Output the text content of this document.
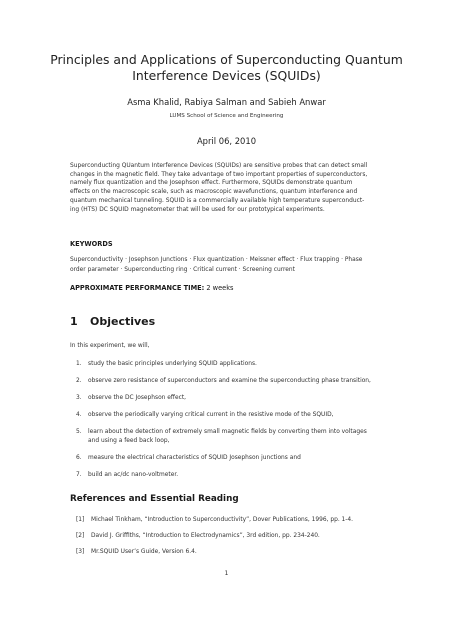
Principles and Applications of Superconducting Quantum
Interference Devices (SQUIDs)
Asma Khalid, Rabiya Salman and Sabieh Anwar
LUMS School of Science and Engineering
April 06, 2010
Superconducting QUantum Interference Devices (SQUIDs) are sensitive probes that can detect small
changes in the magnetic field. They take advantage of two important properties of superconductors,
namely flux quantization and the Josephson effect. Furthermore, SQUIDs demonstrate quantum
effects on the macroscopic scale, such as macroscopic wavefunctions, quantum interference and
quantum mechanical tunneling. SQUID is a commercially available high temperature superconduct-
ing (HTS) DC SQUID magnetometer that will be used for our prototypical experiments.
KEYWORDS
Superconductivity · Josephson Junctions · Flux quantization · Meissner effect · Flux trapping · Phase
order parameter · Superconducting ring · Critical current · Screening current
APPROXIMATE PERFORMANCE TIME: 2 weeks
1 Objectives
In this experiment, we will,
1. study the basic principles underlying SQUID applications.
2. observe zero resistance of superconductors and examine the superconducting phase transition,
3. observe the DC Josephson effect,
4. observe the periodically varying critical current in the resistive mode of the SQUID,
5. learn about the detection of extremely small magnetic fields by converting them into voltages
and using a feed back loop,
6. measure the electrical characteristics of SQUID Josephson junctions and
7. build an ac/dc nano-voltmeter.
References and Essential Reading
[1] Michael Tinkham, “Introduction to Superconductivity”, Dover Publications, 1996, pp. 1-4.
[2] David J. Griffiths, “Introduction to Electrodynamics”, 3rd edition, pp. 234-240.
[3] Mr.SQUID User’s Guide, Version 6.4.
1
